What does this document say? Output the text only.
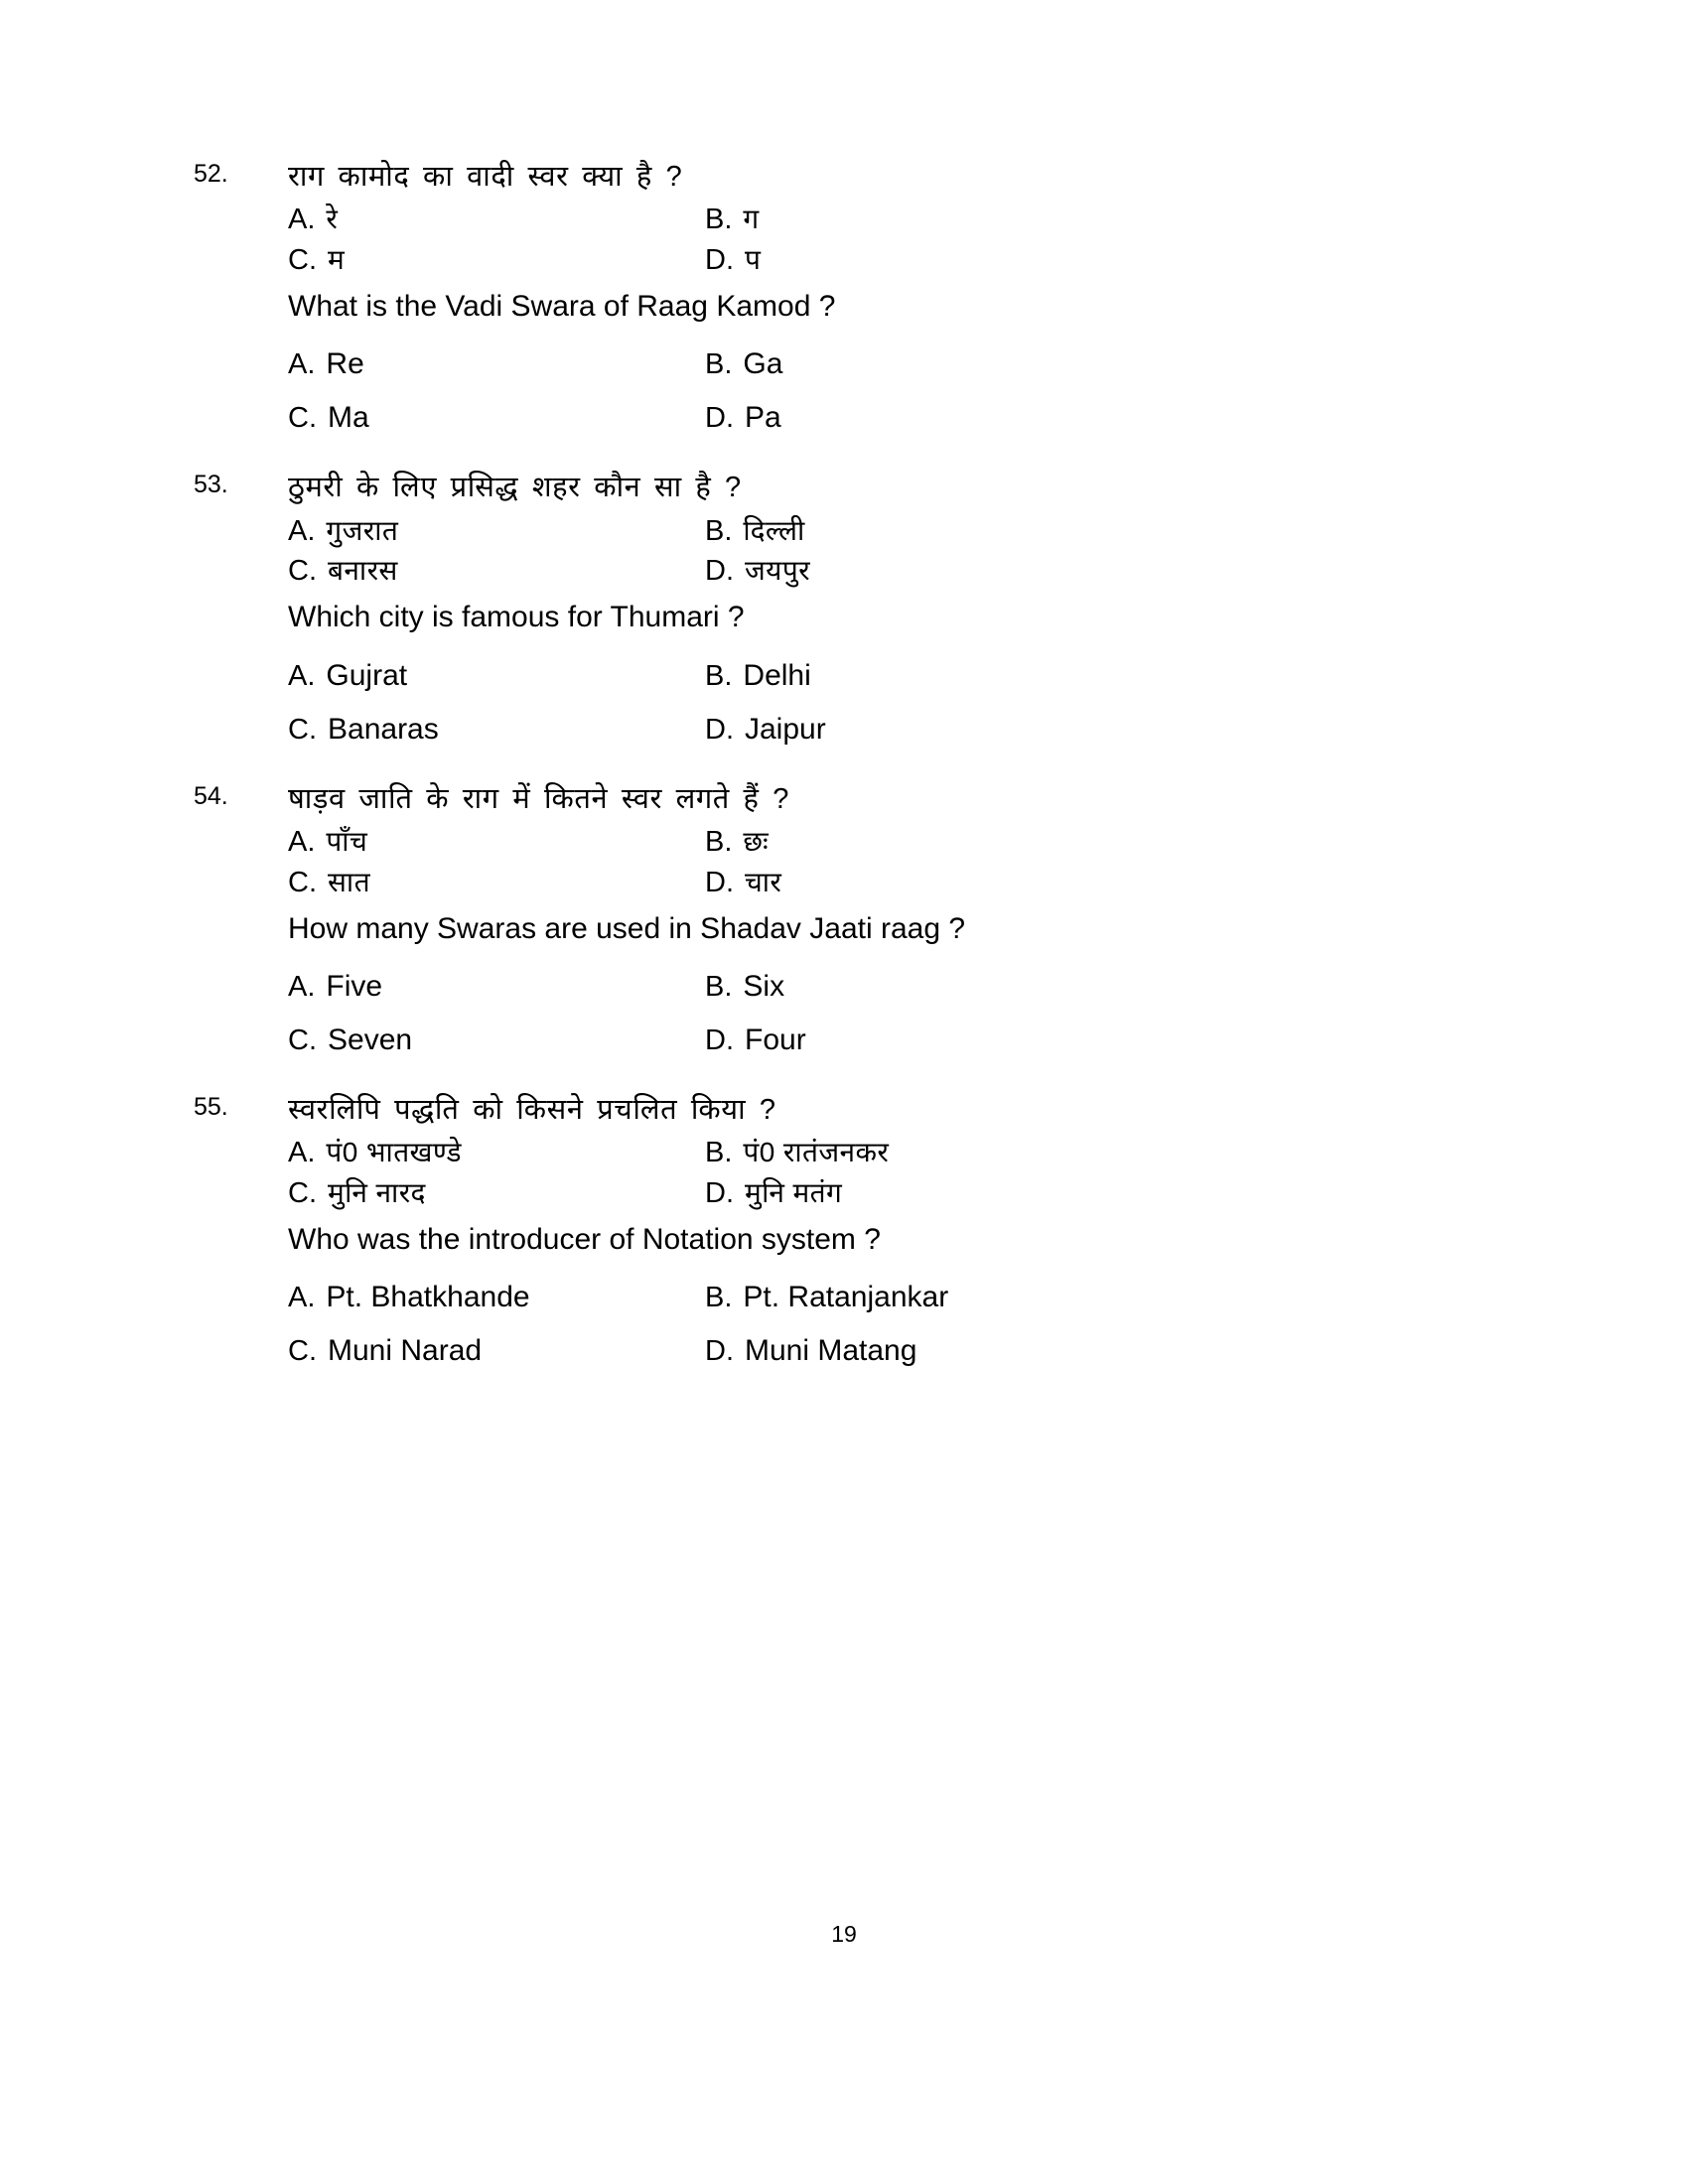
52.	राग कामोद का वादी स्वर क्या है ?
A. रे	B. ग
C. म	D. प
What is the Vadi Swara of Raag Kamod ?
A. Re	B. Ga
C. Ma	D. Pa
53.	ठुमरी के लिए प्रसिद्ध शहर कौन सा है ?
A. गुजरात	B. दिल्ली
C. बनारस	D. जयपुर
Which city is famous for Thumari ?
A. Gujrat	B. Delhi
C. Banaras	D. Jaipur
54.	षाड़व जाति के राग में कितने स्वर लगते हैं ?
A. पाँच	B. छः
C. सात	D. चार
How many Swaras are used in Shadav Jaati raag ?
A. Five	B. Six
C. Seven	D. Four
55.	स्वरलिपि पद्धति को किसने प्रचलित किया ?
A. पं0 भातखण्डे	B. पं0 रातंजनकर
C. मुनि नारद	D. मुनि मतंग
Who was the introducer of Notation system ?
A. Pt. Bhatkhande	B. Pt. Ratanjankar
C. Muni Narad	D. Muni Matang
19
